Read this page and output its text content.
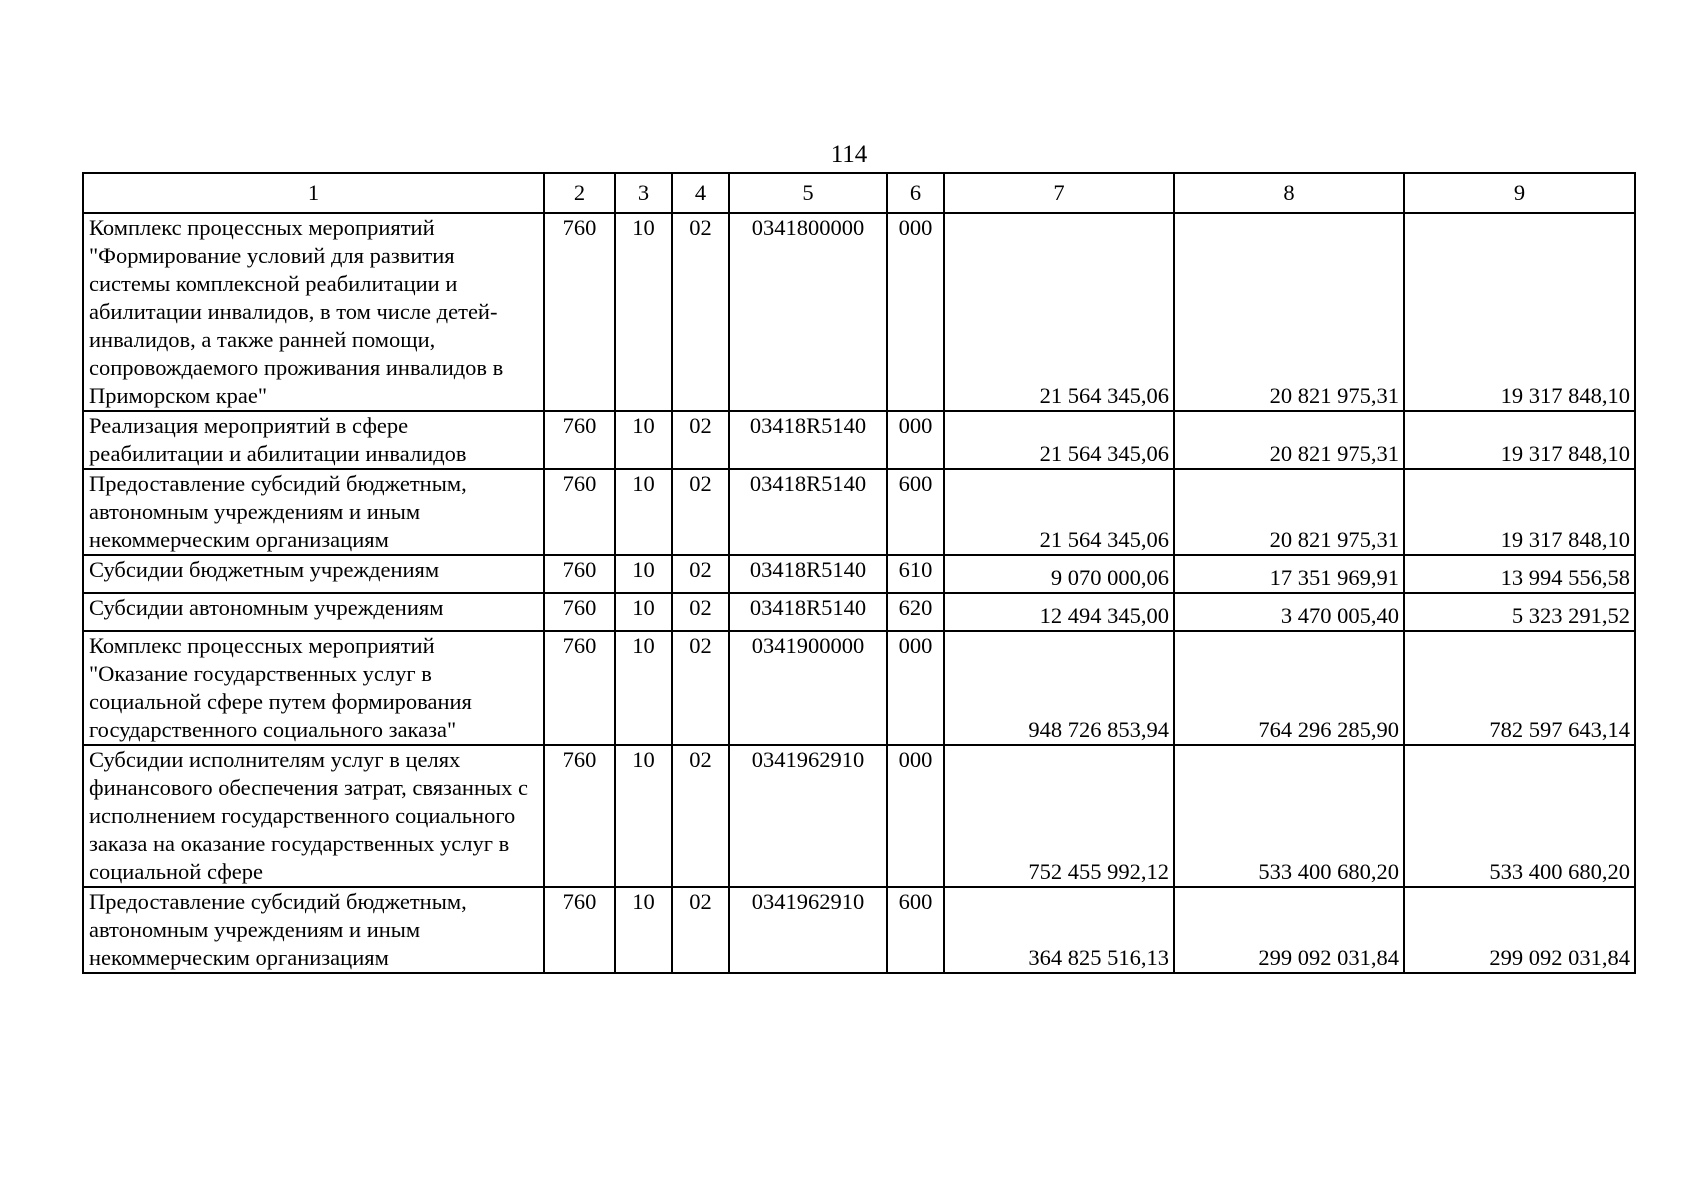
114
1	2	3	4	5	6	7	8	9
Комплекс процессных мероприятий "Формирование условий для развития системы комплексной реабилитации и абилитации инвалидов, в том числе детей-инвалидов, а также ранней помощи, сопровождаемого проживания инвалидов в Приморском крае"	760	10	02	0341800000	000	21 564 345,06	20 821 975,31	19 317 848,10
Реализация мероприятий в сфере реабилитации и абилитации инвалидов	760	10	02	03418R5140	000	21 564 345,06	20 821 975,31	19 317 848,10
Предоставление субсидий бюджетным, автономным учреждениям и иным некоммерческим организациям	760	10	02	03418R5140	600	21 564 345,06	20 821 975,31	19 317 848,10
Субсидии бюджетным учреждениям	760	10	02	03418R5140	610	9 070 000,06	17 351 969,91	13 994 556,58
Субсидии автономным учреждениям	760	10	02	03418R5140	620	12 494 345,00	3 470 005,40	5 323 291,52
Комплекс процессных мероприятий "Оказание государственных услуг в социальной сфере путем формирования государственного социального заказа"	760	10	02	0341900000	000	948 726 853,94	764 296 285,90	782 597 643,14
Субсидии исполнителям услуг в целях финансового обеспечения затрат, связанных с исполнением государственного социального заказа на оказание государственных услуг в социальной сфере	760	10	02	0341962910	000	752 455 992,12	533 400 680,20	533 400 680,20
Предоставление субсидий бюджетным, автономным учреждениям и иным некоммерческим организациям	760	10	02	0341962910	600	364 825 516,13	299 092 031,84	299 092 031,84
